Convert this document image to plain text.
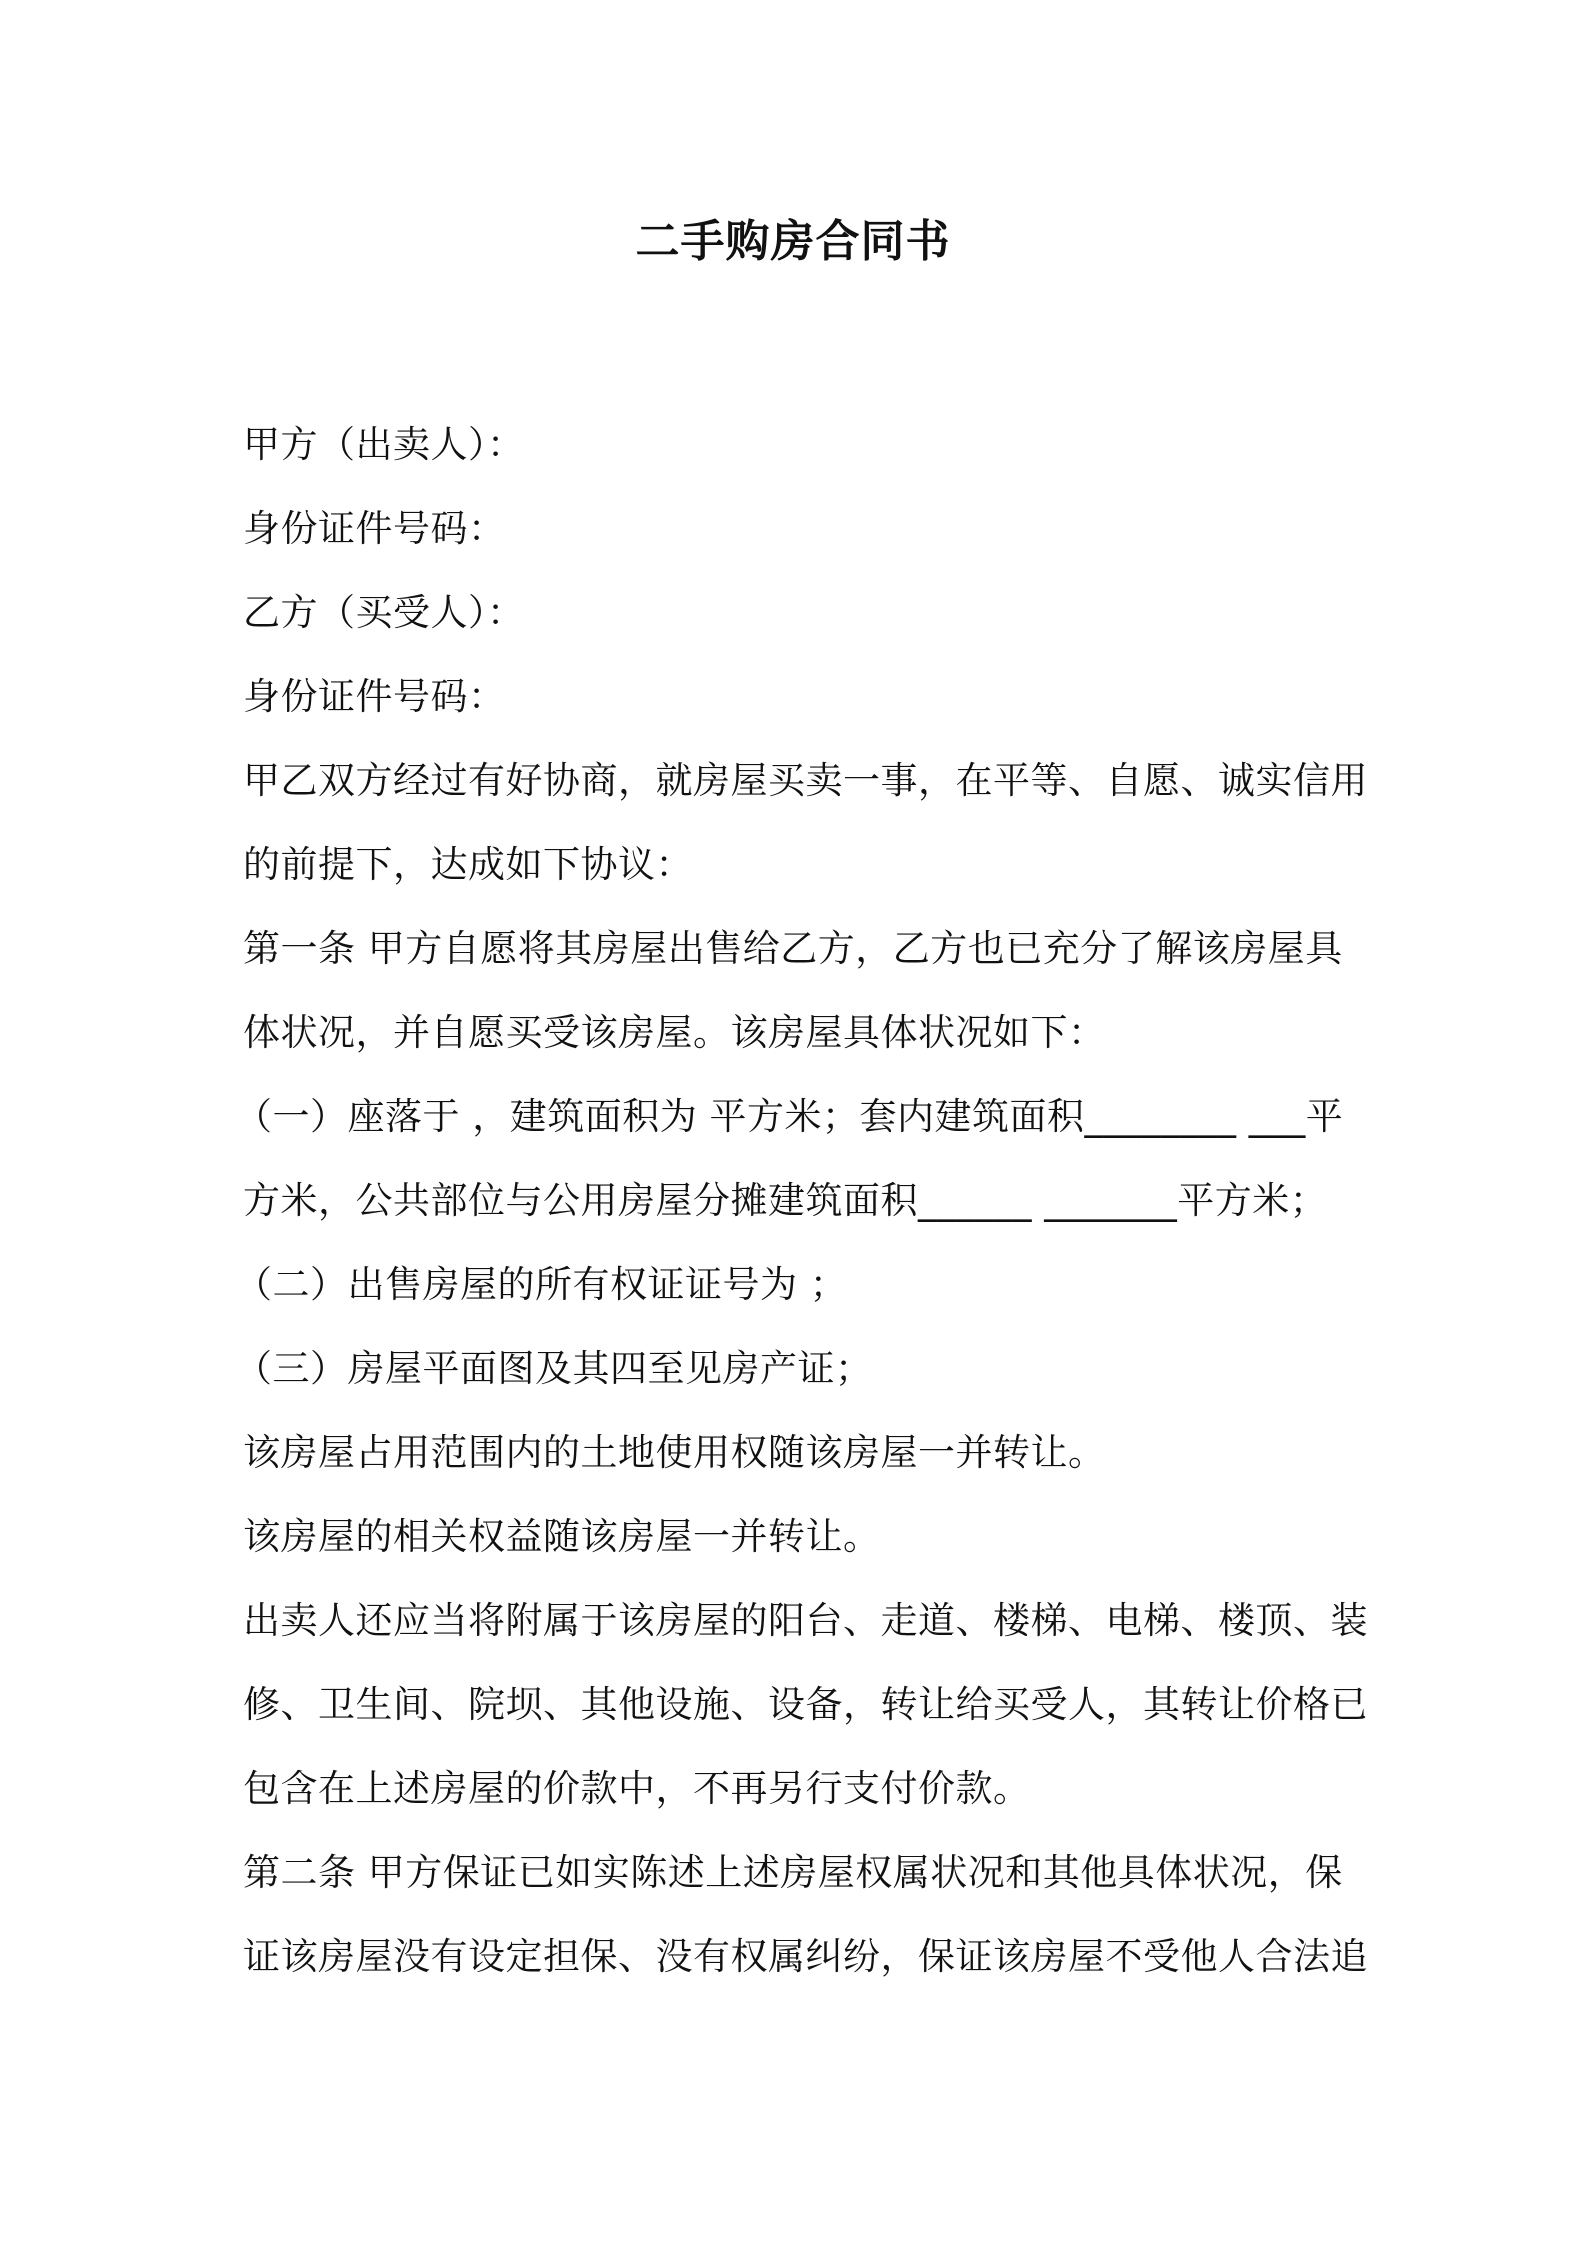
二手购房合同书
甲方（出卖人）：
身份证件号码：
乙方（买受人）：
身份证件号码：
甲乙双方经过有好协商，就房屋买卖一事，在平等、自愿、诚实信用
的前提下，达成如下协议：
第一条 甲方自愿将其房屋出售给乙方，乙方也已充分了解该房屋具
体状况，并自愿买受该房屋。该房屋具体状况如下：
（一）座落于 ，建筑面积为 平方米；套内建筑面积________ ___平
方米，公共部位与公用房屋分摊建筑面积______ _______平方米；
（二）出售房屋的所有权证证号为 ；
（三）房屋平面图及其四至见房产证；
该房屋占用范围内的土地使用权随该房屋一并转让。
该房屋的相关权益随该房屋一并转让。
出卖人还应当将附属于该房屋的阳台、走道、楼梯、电梯、楼顶、装
修、卫生间、院坝、其他设施、设备，转让给买受人，其转让价格已
包含在上述房屋的价款中，不再另行支付价款。
第二条 甲方保证已如实陈述上述房屋权属状况和其他具体状况，保
证该房屋没有设定担保、没有权属纠纷，保证该房屋不受他人合法追
